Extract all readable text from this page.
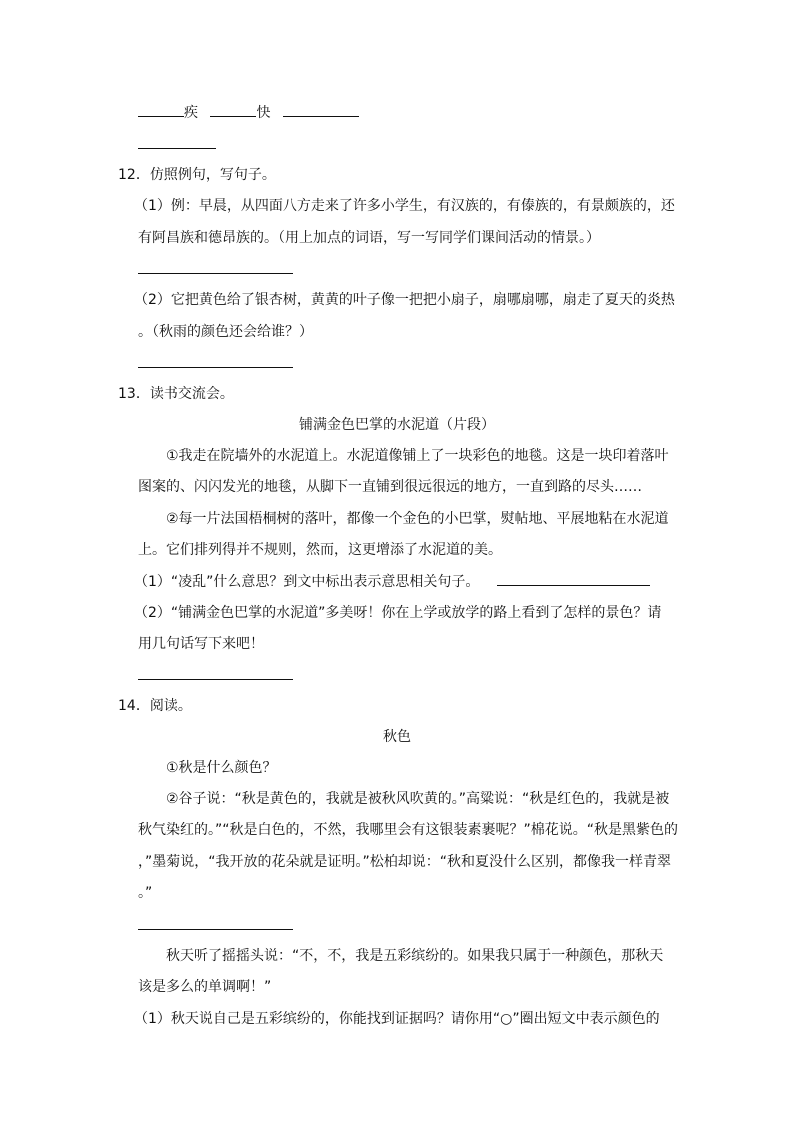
疾	快
12．仿照例句，写句子。
（1）例：早晨，从四面八方走来了许多小学生，有汉族的，有傣族的，有景颇族的，还
有阿昌族和德昂族的。（用上加点的词语，写一写同学们课间活动的情景。）
（2）它把黄色给了银杏树，黄黄的叶子像一把把小扇子，扇哪扇哪，扇走了夏天的炎热
。（秋雨的颜色还会给谁？）
13．读书交流会。
铺满金色巴掌的水泥道（片段）
①我走在院墙外的水泥道上。水泥道像铺上了一块彩色的地毯。这是一块印着落叶
图案的、闪闪发光的地毯，从脚下一直铺到很远很远的地方，一直到路的尽头……
②每一片法国梧桐树的落叶，都像一个金色的小巴掌，熨帖地、平展地粘在水泥道
上。它们排列得并不规则，然而，这更增添了水泥道的美。
（1）“凌乱”什么意思？到文中标出表示意思相关句子。
（2）“铺满金色巴掌的水泥道”多美呀！你在上学或放学的路上看到了怎样的景色？请
用几句话写下来吧！
14．阅读。
秋色
①秋是什么颜色？
②谷子说：“秋是黄色的，我就是被秋风吹黄的。”高粱说：“秋是红色的，我就是被
秋气染红的。”“秋是白色的，不然，我哪里会有这银装素裹呢？”棉花说。“秋是黑紫色的
，”墨菊说，“我开放的花朵就是证明。”松柏却说：“秋和夏没什么区别，都像我一样青翠
。”
秋天听了摇摇头说：“不，不，我是五彩缤纷的。如果我只属于一种颜色，那秋天
该是多么的单调啊！”
（1）秋天说自己是五彩缤纷的，你能找到证据吗？请你用“○”圈出短文中表示颜色的
